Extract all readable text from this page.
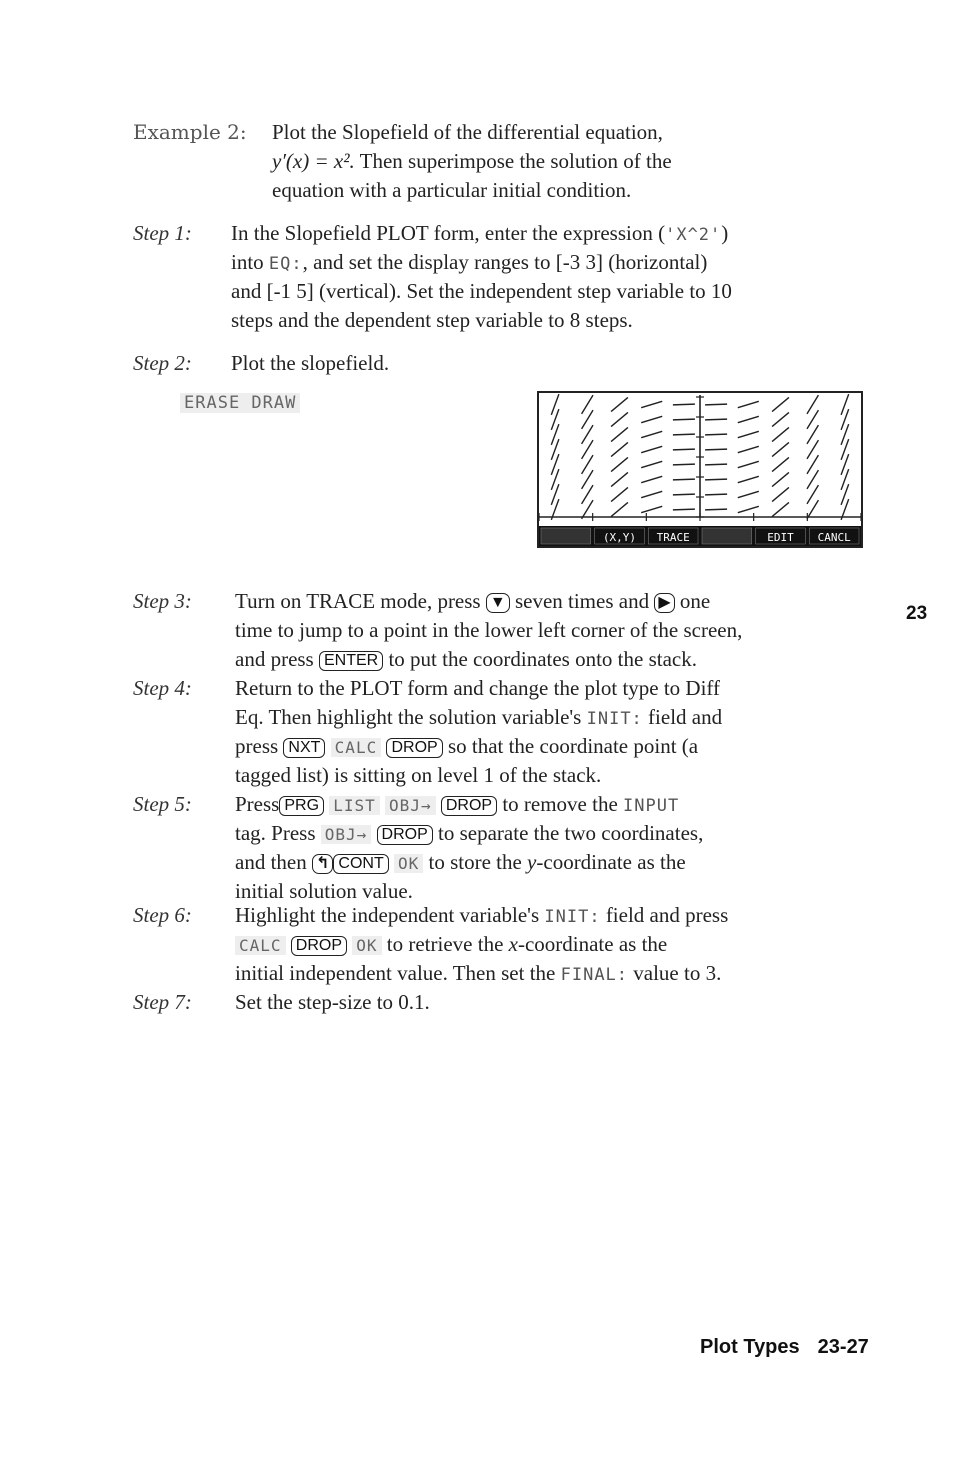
Example 2: Plot the Slopefield of the differential equation,
y′(x) = x². Then superimpose the solution of the
equation with a particular initial condition.
Step 1: In the Slopefield PLOT form, enter the expression ('X^2')
into EQ:, and set the display ranges to [-3 3] (horizontal)
and [-1 5] (vertical). Set the independent step variable to 10
steps and the dependent step variable to 8 steps.
Step 2: Plot the slopefield.
ERASE DRAW
(X,Y) TRACE	EDIT CANCL
Step 3: Turn on TRACE mode, press ▼ seven times and ▶ one
time to jump to a point in the lower left corner of the screen,
and press ENTER to put the coordinates onto the stack.
Step 4: Return to the PLOT form and change the plot type to Diff
Eq. Then highlight the solution variable's INIT: field and
press NXT CALC DROP so that the coordinate point (a
tagged list) is sitting on level 1 of the stack.
Step 5: Press PRG LIST OBJ→ DROP to remove the INPUT
tag. Press OBJ→ DROP to separate the two coordinates,
and then ↰ CONT OK to store the y-coordinate as the
initial solution value.
Step 6: Highlight the independent variable's INIT: field and press
CALC DROP OK to retrieve the x-coordinate as the
initial independent value. Then set the FINAL: value to 3.
Step 7: Set the step-size to 0.1.
23
Plot Types 23-27
